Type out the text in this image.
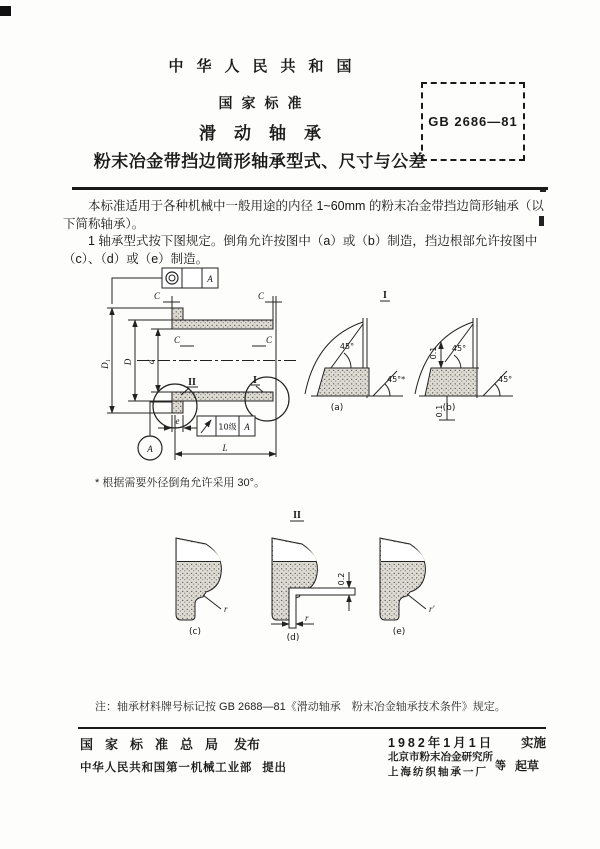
中华人民共和国
国家标准
滑动轴承
粉末冶金带挡边筒形轴承型式、尺寸与公差
GB 2686—81

本标准适用于各种机械中一般用途的内径 1~60mm 的粉末冶金带挡边筒形轴承（以下简称轴承）。

1 轴承型式按下图规定。倒角允许按图中（a）或（b）制造，挡边根部允许按图中（c）、（d）或（e）制造。

C	C
C	C
A
II	I
e
10级 A
A	L
D₁ D d
I
45°
45°*
(a)
0.1 45°
0.1
45°
(b)
* 根据需要外径倒角允许采用 30°。
II
r
(c)
0.2
r
(d)
r′
(e)
注：轴承材料牌号标记按 GB 2688—81《滑动轴承　粉末冶金轴承技术条件》规定。
国家标准总局 发布
中华人民共和国第一机械工业部 提出
1982年1月1日 实施
北京市粉末冶金研究所
上海纺织轴承一厂 等 起草
